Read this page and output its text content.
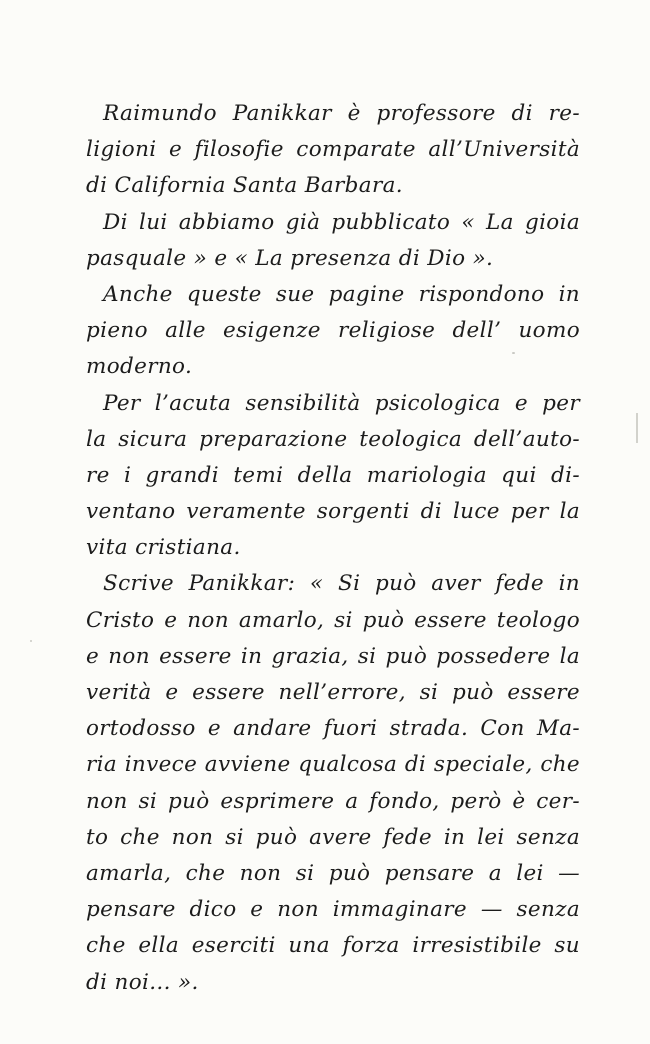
Raimundo Panikkar è professore di re-
ligioni e filosofie comparate all’Università
di California Santa Barbara.
Di lui abbiamo già pubblicato « La gioia
pasquale » e « La presenza di Dio ».
Anche queste sue pagine rispondono in
pieno alle esigenze religiose dell’ uomo
moderno.
Per l’acuta sensibilità psicologica e per
la sicura preparazione teologica dell’auto-
re i grandi temi della mariologia qui di-
ventano veramente sorgenti di luce per la
vita cristiana.
Scrive Panikkar: « Si può aver fede in
Cristo e non amarlo, si può essere teologo
e non essere in grazia, si può possedere la
verità e essere nell’errore, si può essere
ortodosso e andare fuori strada. Con Ma-
ria invece avviene qualcosa di speciale, che
non si può esprimere a fondo, però è cer-
to che non si può avere fede in lei senza
amarla, che non si può pensare a lei —
pensare dico e non immaginare — senza
che ella eserciti una forza irresistibile su
di noi... ».
